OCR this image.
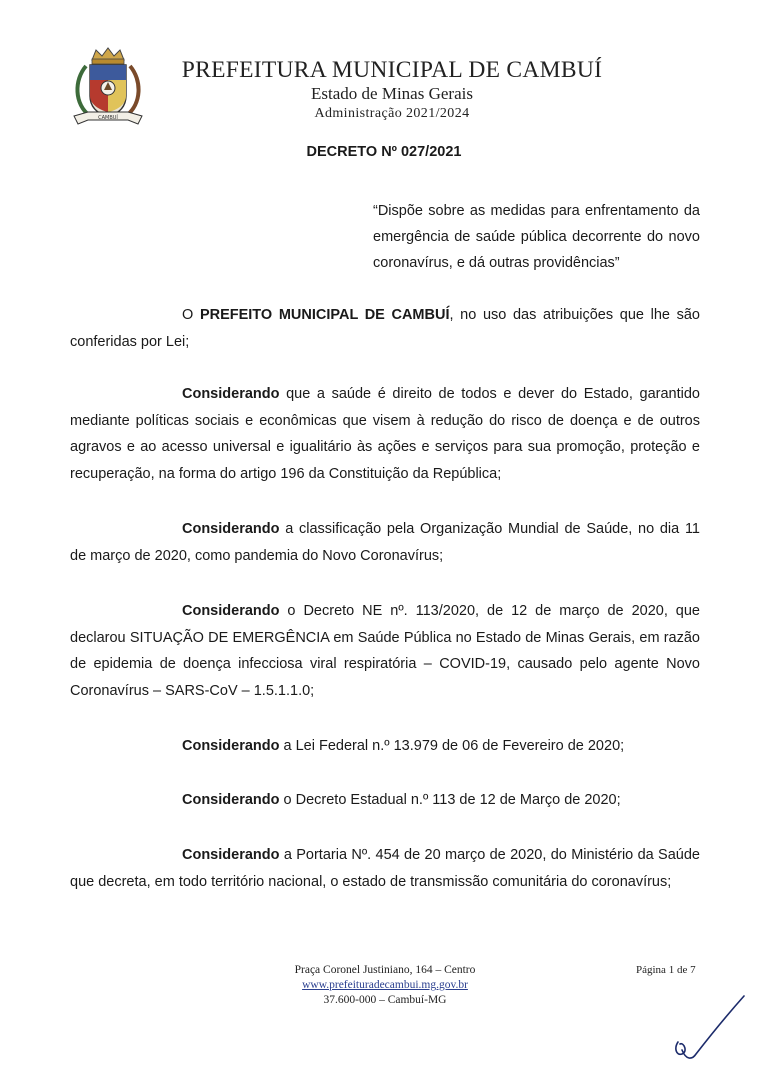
CAMBUÍ
PREFEITURA MUNICIPAL DE CAMBUÍ
Estado de Minas Gerais
Administração 2021/2024
DECRETO Nº 027/2021
“Dispõe sobre as medidas para enfrentamento da emergência de saúde pública decorrente do novo coronavírus, e dá outras providências”

O PREFEITO MUNICIPAL DE CAMBUÍ, no uso das atribuições que lhe são conferidas por Lei;

Considerando que a saúde é direito de todos e dever do Estado, garantido mediante políticas sociais e econômicas que visem à redução do risco de doença e de outros agravos e ao acesso universal e igualitário às ações e serviços para sua promoção, proteção e recuperação, na forma do artigo 196 da Constituição da República;

Considerando a classificação pela Organização Mundial de Saúde, no dia 11 de março de 2020, como pandemia do Novo Coronavírus;

Considerando o Decreto NE nº. 113/2020, de 12 de março de 2020, que declarou SITUAÇÃO DE EMERGÊNCIA em Saúde Pública no Estado de Minas Gerais, em razão de epidemia de doença infecciosa viral respiratória – COVID-19, causado pelo agente Novo Coronavírus – SARS-CoV – 1.5.1.1.0;

Considerando a Lei Federal n.º 13.979 de 06 de Fevereiro de 2020;

Considerando o Decreto Estadual n.º 113 de 12 de Março de 2020;

Considerando a Portaria Nº. 454 de 20 março de 2020, do Ministério da Saúde que decreta, em todo território nacional, o estado de transmissão comunitária do coronavírus;

Praça Coronel Justiniano, 164 – Centro
www.prefeituradecambui.mg.gov.br
37.600-000 – Cambuí-MG
Página 1 de 7
